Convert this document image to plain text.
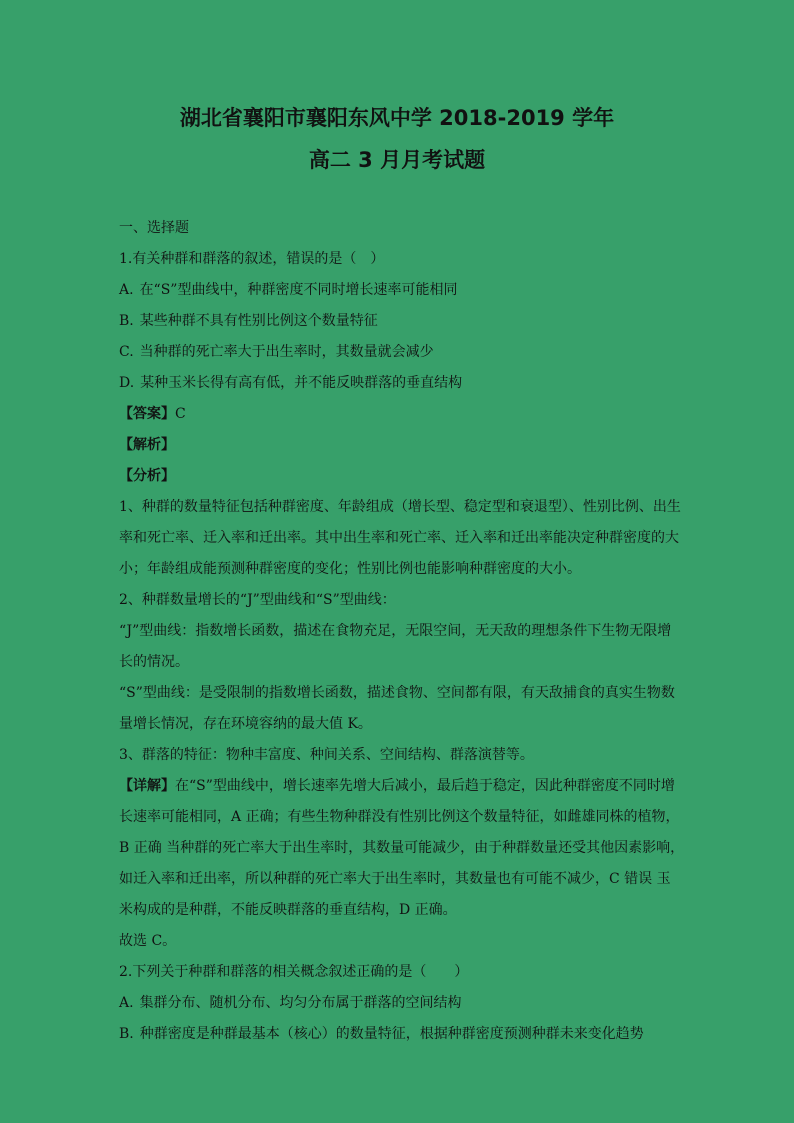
湖北省襄阳市襄阳东风中学 2018-2019 学年
高二 3 月月考试题
一、选择题
1.有关种群和群落的叙述，错误的是（　）
A. 在“S”型曲线中，种群密度不同时增长速率可能相同
B. 某些种群不具有性别比例这个数量特征
C. 当种群的死亡率大于出生率时，其数量就会减少
D. 某种玉米长得有高有低，并不能反映群落的垂直结构
【答案】C
【解析】
【分析】
1、种群的数量特征包括种群密度、年龄组成（增长型、稳定型和衰退型）、性别比例、出生
率和死亡率、迁入率和迁出率。其中出生率和死亡率、迁入率和迁出率能决定种群密度的大
小；年龄组成能预测种群密度的变化；性别比例也能影响种群密度的大小。
2、种群数量增长的“J”型曲线和“S”型曲线：
“J”型曲线：指数增长函数，描述在食物充足，无限空间，无天敌的理想条件下生物无限增
长的情况。
“S”型曲线：是受限制的指数增长函数，描述食物、空间都有限，有天敌捕食的真实生物数
量增长情况，存在环境容纳的最大值 K。
3、群落的特征：物种丰富度、种间关系、空间结构、群落演替等。
【详解】在“S”型曲线中，增长速率先增大后减小，最后趋于稳定，因此种群密度不同时增
长速率可能相同，A 正确；有些生物种群没有性别比例这个数量特征，如雌雄同株的植物，
B 正确 当种群的死亡率大于出生率时，其数量可能减少，由于种群数量还受其他因素影响，
如迁入率和迁出率，所以种群的死亡率大于出生率时，其数量也有可能不减少，C 错误 玉
米构成的是种群，不能反映群落的垂直结构，D 正确。
故选 C。
2.下列关于种群和群落的相关概念叙述正确的是（　　）
A. 集群分布、随机分布、均匀分布属于群落的空间结构
B. 种群密度是种群最基本（核心）的数量特征，根据种群密度预测种群未来变化趋势
